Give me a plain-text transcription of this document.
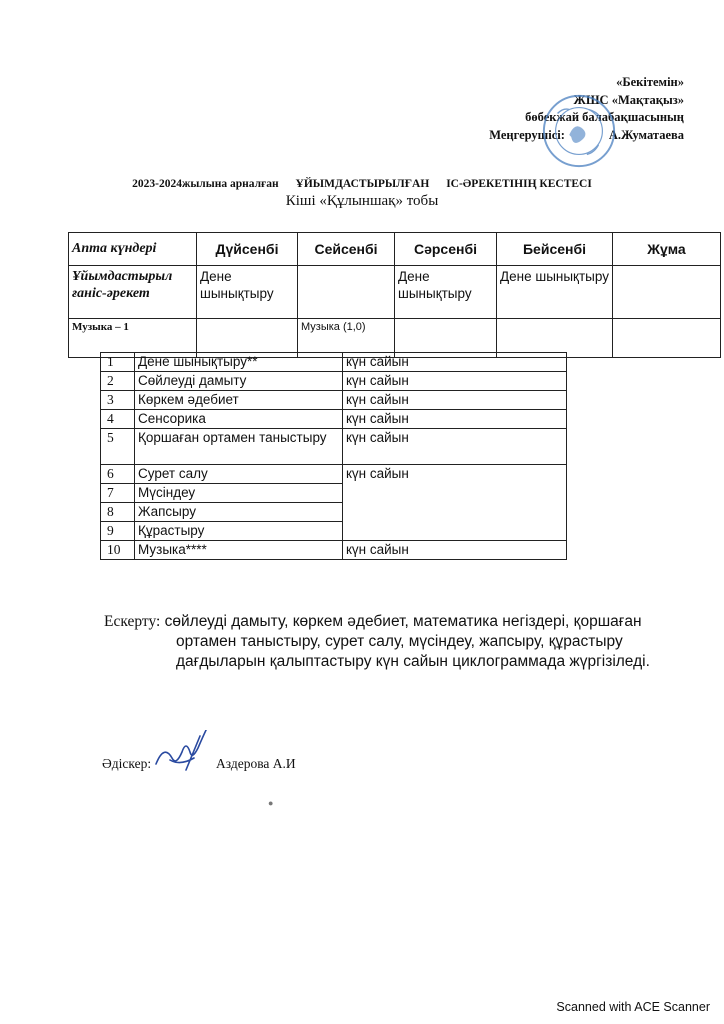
«Бекітемін»
ЖШС «Мақтақыз»
бөбекжай балабақшасының
Меңгерушісі:	А.Жуматаева
2023-2024жылына арналған ҰЙЫМДАСТЫРЫЛҒАН ІС-ӘРЕКЕТІНІҢ КЕСТЕСІ
Кіші «Құлыншақ» тобы
Апта күндері	Дүйсенбі	Сейсенбі	Сәрсенбі	Бейсенбі	Жұма
Ұйымдастырыл ғаніс-әрекет	Дене шынықтыру		Дене шынықтыру	Дене шынықтыру	
Музыка – 1		Музыка (1,0)			
1	Дене шынықтыру**	күн сайын
2	Сөйлеуді дамыту	күн сайын
3	Көркем әдебиет	күн сайын
4	Сенсорика	күн сайын
5	Қоршаған ортамен таныстыру	күн сайын
6	Сурет салу	күн сайын
7	Мүсіндеу	
8	Жапсыру	
9	Құрастыру	
10	Музыка****	күн сайын
Ескерту: сөйлеуді дамыту, көркем әдебиет, математика негіздері, қоршаған
ортамен таныстыру, сурет салу, мүсіндеу, жапсыру, құрастыру
дағдыларын қалыптастыру күн сайын циклограммада жүргізіледі.
Әдіскер:	Аздерова А.И
●
Scanned with ACE Scanner
